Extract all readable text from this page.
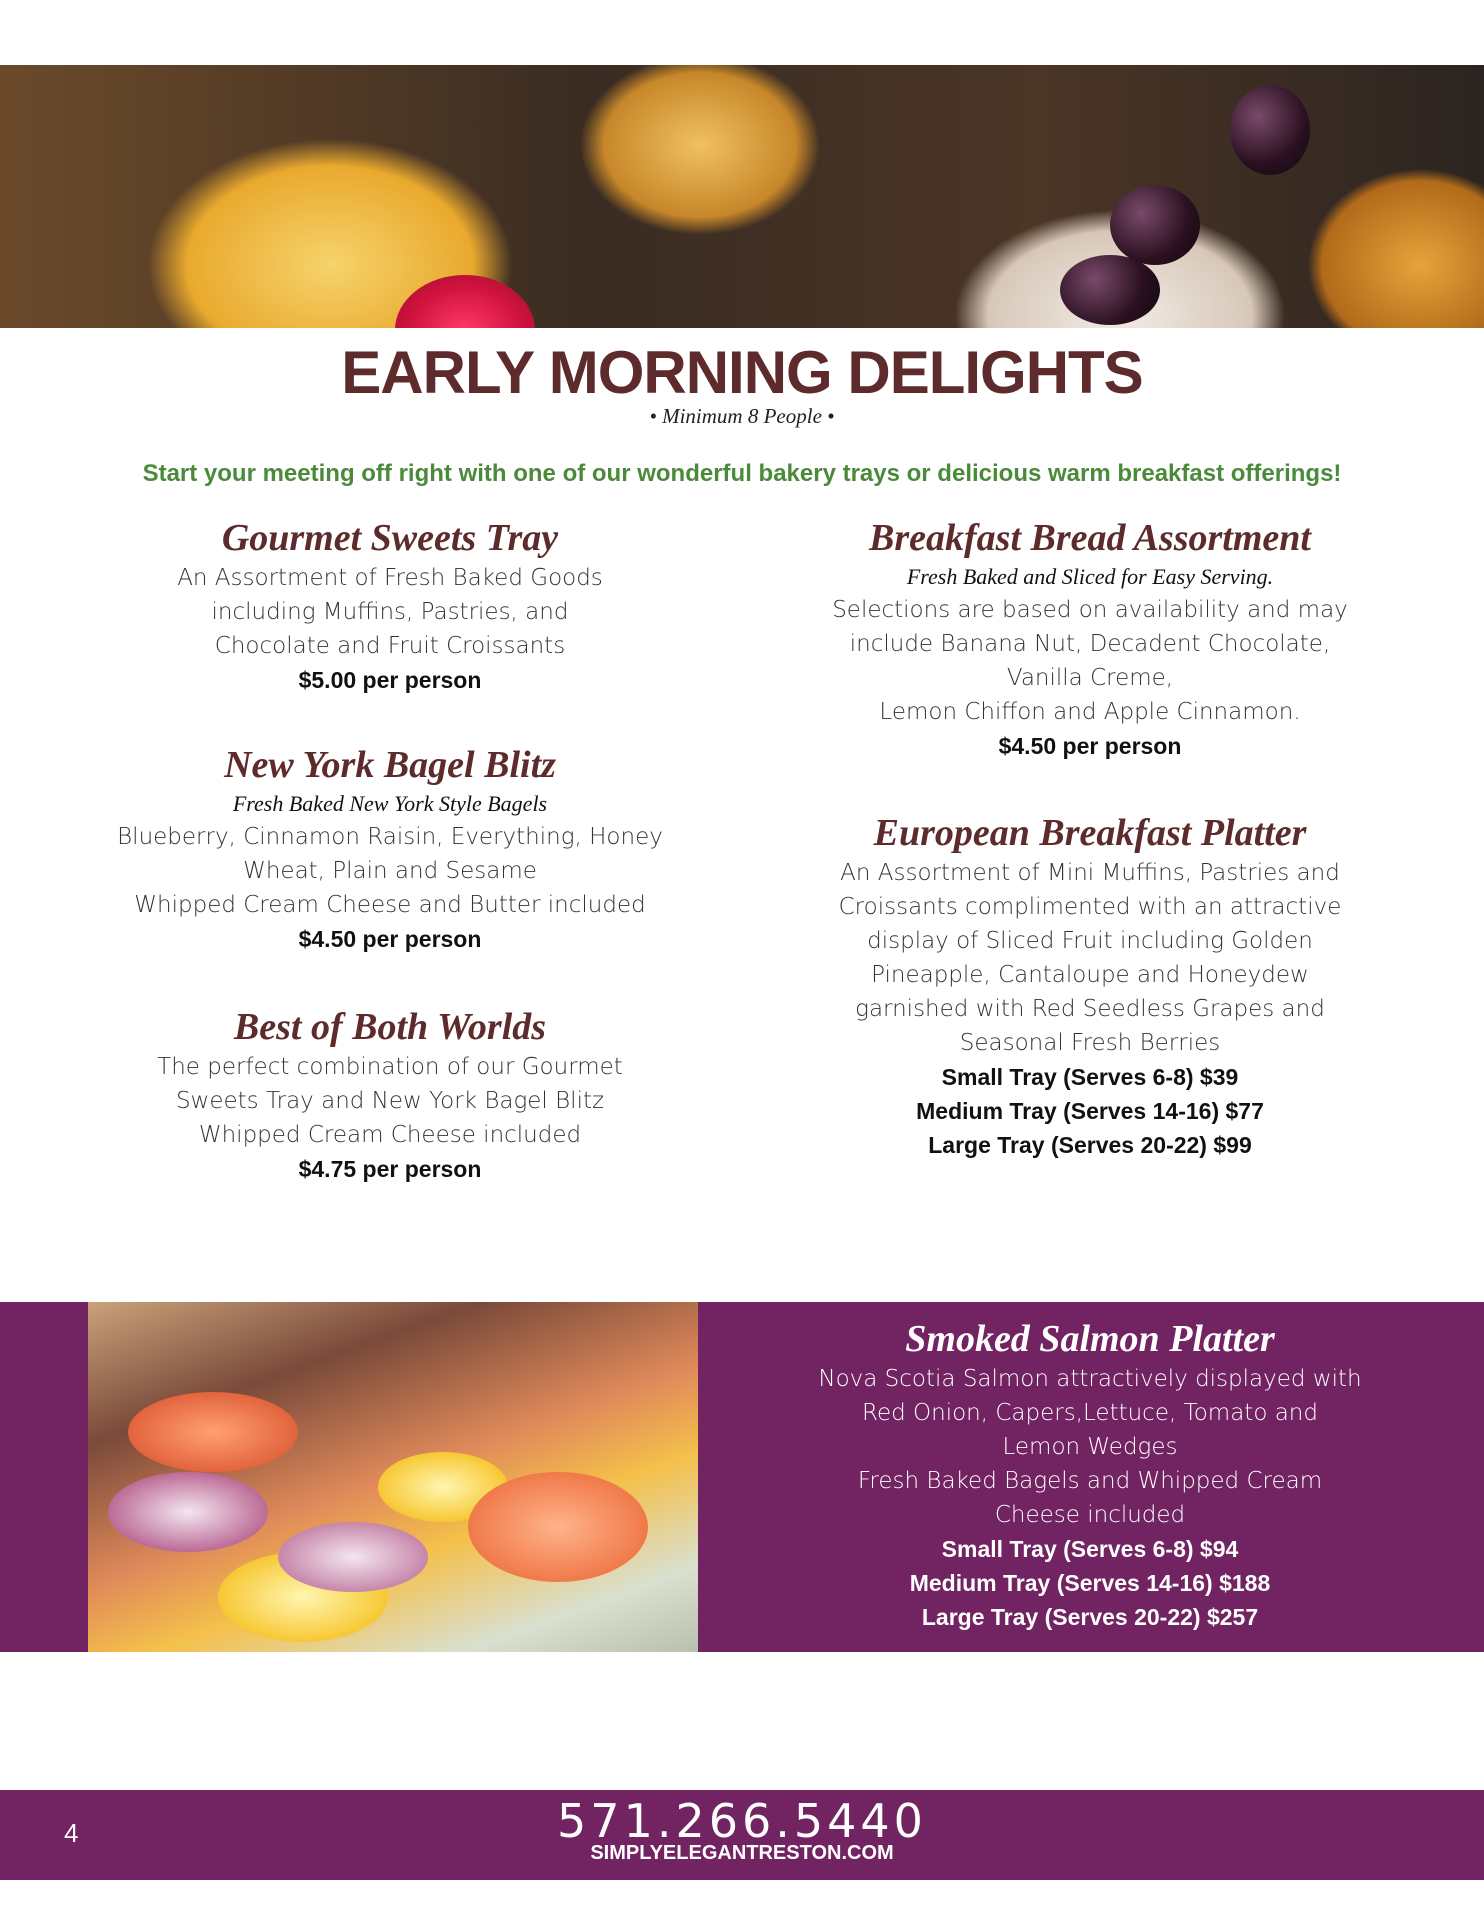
EARLY MORNING DELIGHTS
• Minimum 8 People •
Start your meeting off right with one of our wonderful bakery trays or delicious warm breakfast offerings!
Gourmet Sweets Tray
An Assortment of Fresh Baked Goods
including Muffins, Pastries, and
Chocolate and Fruit Croissants
$5.00 per person
New York Bagel Blitz
Fresh Baked New York Style Bagels
Blueberry, Cinnamon Raisin, Everything, Honey
Wheat, Plain and Sesame
Whipped Cream Cheese and Butter included
$4.50 per person
Best of Both Worlds
The perfect combination of our Gourmet
Sweets Tray and New York Bagel Blitz
Whipped Cream Cheese included
$4.75 per person
Breakfast Bread Assortment
Fresh Baked and Sliced for Easy Serving.
Selections are based on availability and may
include Banana Nut, Decadent Chocolate,
Vanilla Creme,
Lemon Chiffon and Apple Cinnamon.
$4.50 per person
European Breakfast Platter
An Assortment of Mini Muffins, Pastries and
Croissants complimented with an attractive
display of Sliced Fruit including Golden
Pineapple, Cantaloupe and Honeydew
garnished with Red Seedless Grapes and
Seasonal Fresh Berries
Small Tray (Serves 6-8) $39
Medium Tray (Serves 14-16) $77
Large Tray (Serves 20-22) $99
Smoked Salmon Platter
Nova Scotia Salmon attractively displayed with
Red Onion, Capers,Lettuce, Tomato and
Lemon Wedges
Fresh Baked Bagels and Whipped Cream
Cheese included
Small Tray (Serves 6-8) $94
Medium Tray (Serves 14-16) $188
Large Tray (Serves 20-22) $257
4	571.266.5440
SIMPLYELEGANTRESTON.COM
